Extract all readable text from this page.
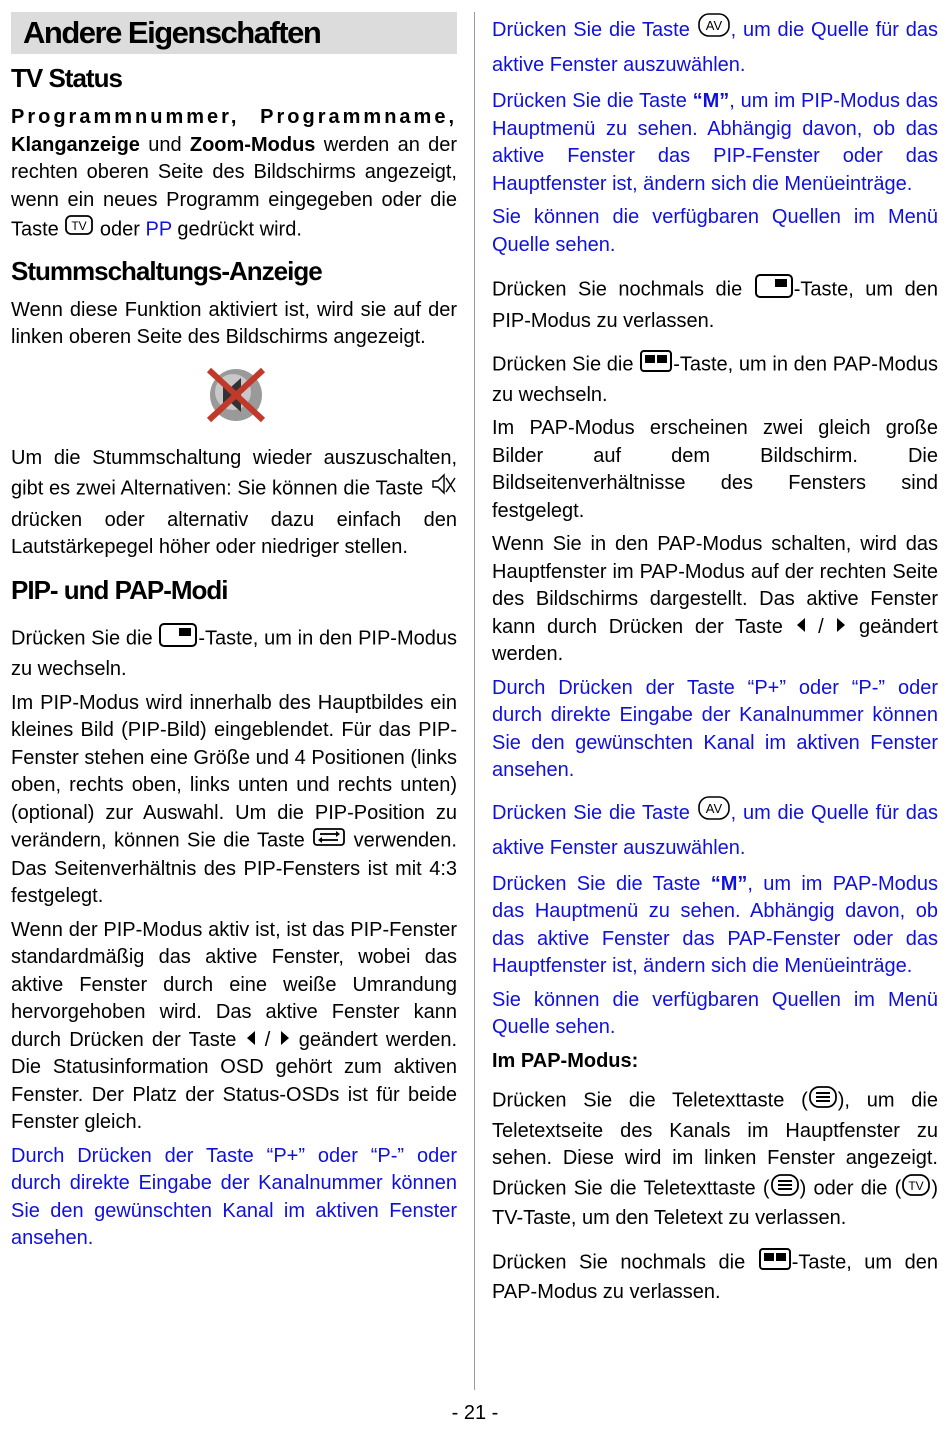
Andere Eigenschaften
TV Status

Programmnummer, Programmname, Klanganzeige und Zoom-Modus werden an der rechten oberen Seite des Bildschirms angezeigt, wenn ein neues Programm eingegeben oder die Taste TV oder PP gedrückt wird.

Stummschaltungs-Anzeige

Wenn diese Funktion aktiviert ist, wird sie auf der linken oberen Seite des Bildschirms angezeigt.

Um die Stummschaltung wieder auszuschalten, gibt es zwei Alternativen: Sie können die Taste  drücken oder alternativ dazu einfach den Lautstärkepegel höher oder niedriger stellen.

PIP- und PAP-Modi

Drücken Sie die -Taste, um in den PIP-Modus zu wechseln.

Im PIP-Modus wird innerhalb des Hauptbildes ein kleines Bild (PIP-Bild) eingeblendet. Für das PIP-Fenster stehen eine Größe und 4 Positionen (links oben, rechts oben, links unten und rechts unten)(optional) zur Auswahl. Um die PIP-Position zu verändern, können Sie die Taste  verwenden. Das Seitenverhältnis des PIP-Fensters ist mit 4:3 festgelegt.

Wenn der PIP-Modus aktiv ist, ist das PIP-Fenster standardmäßig das aktive Fenster, wobei das aktive Fenster durch eine weiße Umrandung hervorgehoben wird. Das aktive Fenster kann durch Drücken der Taste  /  geändert werden. Die Statusinformation OSD gehört zum aktiven Fenster. Der Platz der Status-OSDs ist für beide Fenster gleich.

Durch Drücken der Taste “P+” oder “P-” oder durch direkte Eingabe der Kanalnummer können Sie den gewünschten Kanal im aktiven Fenster ansehen.

Drücken Sie die Taste AV , um die Quelle für das aktive Fenster auszuwählen.

Drücken Sie die Taste “M”, um im PIP-Modus das Hauptmenü zu sehen. Abhängig davon, ob das aktive Fenster das PIP-Fenster oder das Hauptfenster ist, ändern sich die Menüeinträge.

Sie können die verfügbaren Quellen im Menü Quelle sehen.

Drücken Sie nochmals die -Taste, um den PIP-Modus zu verlassen.

Drücken Sie die -Taste, um in den PAP-Modus zu wechseln.

Im PAP-Modus erscheinen zwei gleich große Bilder auf dem Bildschirm. Die Bildseitenverhältnisse des Fensters sind festgelegt.

Wenn Sie in den PAP-Modus schalten, wird das Hauptfenster im PAP-Modus auf der rechten Seite des Bildschirms dargestellt. Das aktive Fenster kann durch Drücken der Taste  /  geändert werden.

Durch Drücken der Taste “P+” oder “P-” oder durch direkte Eingabe der Kanalnummer können Sie den gewünschten Kanal im aktiven Fenster ansehen.

Drücken Sie die Taste AV , um die Quelle für das aktive Fenster auszuwählen.

Drücken Sie die Taste “M”, um im PAP-Modus das Hauptmenü zu sehen. Abhängig davon, ob das aktive Fenster das PAP-Fenster oder das Hauptfenster ist, ändern sich die Menüeinträge.

Sie können die verfügbaren Quellen im Menü Quelle sehen.

Im PAP-Modus:

Drücken Sie die Teletexttaste ( ), um die Teletextseite des Kanals im Hauptfenster zu sehen. Diese wird im linken Fenster angezeigt. Drücken Sie die Teletexttaste ( ) oder die ( TV ) TV-Taste, um den Teletext zu verlassen.

Drücken Sie nochmals die -Taste, um den PAP-Modus zu verlassen.

- 21 -
